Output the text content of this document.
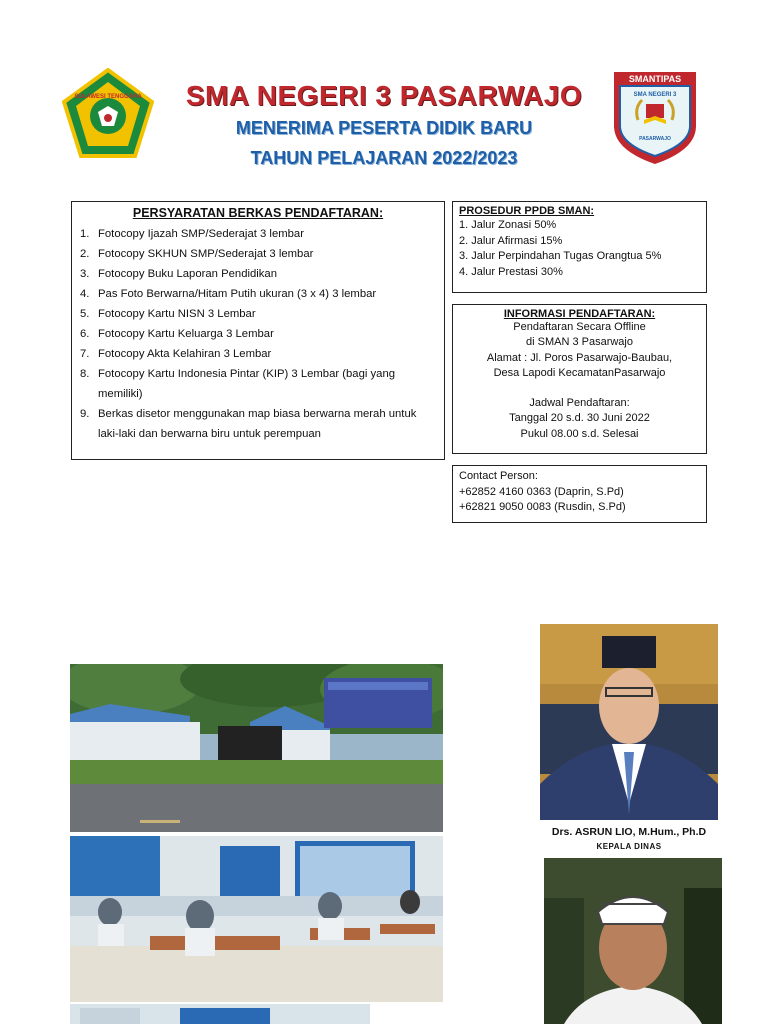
SULAWESI TENGGARA
SMANTIPAS
SMA NEGERI 3
PASARWAJO
SMA NEGERI 3 PASARWAJO
MENERIMA PESERTA DIDIK BARU
TAHUN PELAJARAN 2022/2023
PERSYARATAN BERKAS PENDAFTARAN:
1. Fotocopy Ijazah SMP/Sederajat 3 lembar
2. Fotocopy SKHUN SMP/Sederajat 3 lembar
3. Fotocopy Buku Laporan Pendidikan
4. Pas Foto Berwarna/Hitam Putih ukuran (3 x 4) 3 lembar
5. Fotocopy Kartu NISN 3 Lembar
6. Fotocopy Kartu Keluarga 3 Lembar
7. Fotocopy Akta Kelahiran 3 Lembar
8. Fotocopy Kartu Indonesia Pintar (KIP) 3 Lembar (bagi yang memiliki)
9. Berkas disetor menggunakan map biasa berwarna merah untuk laki-laki dan berwarna biru untuk perempuan
PROSEDUR PPDB SMAN:
1. Jalur Zonasi 50%
2. Jalur Afirmasi 15%
3. Jalur Perpindahan Tugas Orangtua 5%
4. Jalur Prestasi 30%
INFORMASI PENDAFTARAN:
Pendaftaran Secara Offline
di SMAN 3 Pasarwajo
Alamat : Jl. Poros Pasarwajo-Baubau,
Desa Lapodi KecamatanPasarwajo
Jadwal Pendaftaran:
Tanggal 20 s.d. 30 Juni 2022
Pukul 08.00 s.d. Selesai
Contact Person:
+62852 4160 0363 (Daprin, S.Pd)
+62821 9050 0083 (Rusdin, S.Pd)
Drs. ASRUN LIO, M.Hum., Ph.D
KEPALA DINAS
